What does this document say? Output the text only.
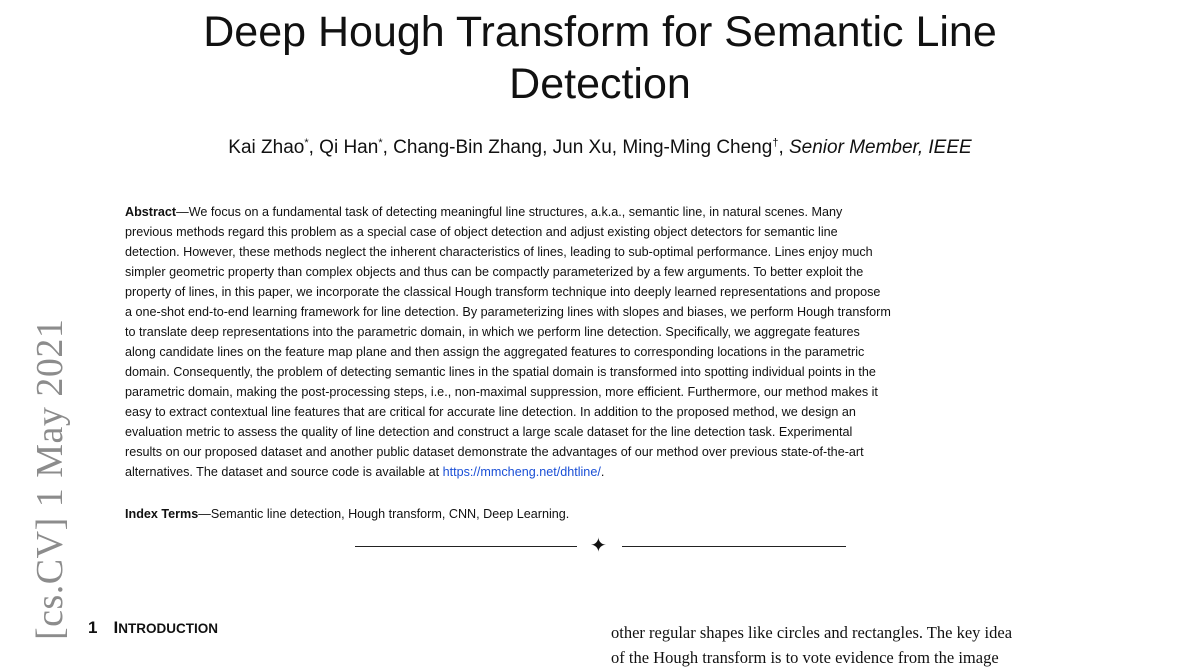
[cs.CV] 1 May 2021
Deep Hough Transform for Semantic Line
Detection
Kai Zhao*, Qi Han*, Chang-Bin Zhang, Jun Xu, Ming-Ming Cheng†, Senior Member, IEEE
Abstract—We focus on a fundamental task of detecting meaningful line structures, a.k.a., semantic line, in natural scenes. Many
previous methods regard this problem as a special case of object detection and adjust existing object detectors for semantic line
detection. However, these methods neglect the inherent characteristics of lines, leading to sub-optimal performance. Lines enjoy much
simpler geometric property than complex objects and thus can be compactly parameterized by a few arguments. To better exploit the
property of lines, in this paper, we incorporate the classical Hough transform technique into deeply learned representations and propose
a one-shot end-to-end learning framework for line detection. By parameterizing lines with slopes and biases, we perform Hough transform
to translate deep representations into the parametric domain, in which we perform line detection. Specifically, we aggregate features
along candidate lines on the feature map plane and then assign the aggregated features to corresponding locations in the parametric
domain. Consequently, the problem of detecting semantic lines in the spatial domain is transformed into spotting individual points in the
parametric domain, making the post-processing steps, i.e., non-maximal suppression, more efficient. Furthermore, our method makes it
easy to extract contextual line features that are critical for accurate line detection. In addition to the proposed method, we design an
evaluation metric to assess the quality of line detection and construct a large scale dataset for the line detection task. Experimental
results on our proposed dataset and another public dataset demonstrate the advantages of our method over previous state-of-the-art
alternatives. The dataset and source code is available at https://mmcheng.net/dhtline/.
Index Terms—Semantic line detection, Hough transform, CNN, Deep Learning.
✦
1 INTRODUCTION	other regular shapes like circles and rectangles. The key idea
of the Hough transform is to vote evidence from the image
